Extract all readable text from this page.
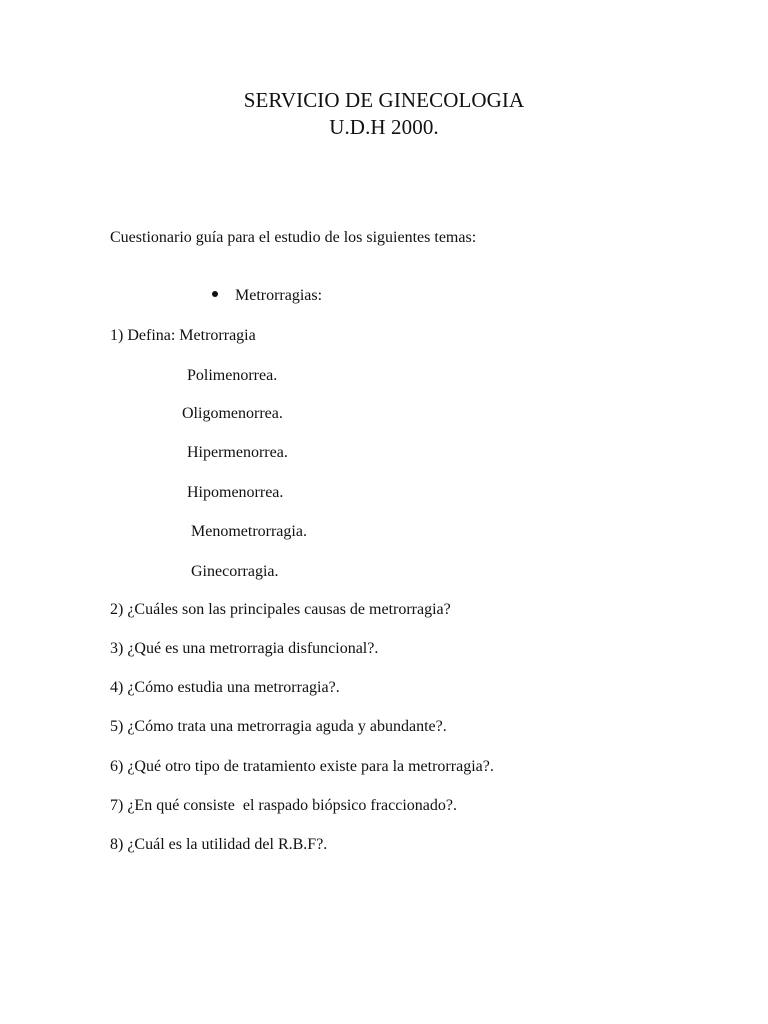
SERVICIO DE GINECOLOGIA
U.D.H 2000.
Cuestionario guía para el estudio de los siguientes temas:

Metrorragias:

1) Defina: Metrorragia
Polimenorrea.
Oligomenorrea.
Hipermenorrea.
Hipomenorrea.
Menometrorragia.
Ginecorragia.
2) ¿Cuáles son las principales causas de metrorragia?
3) ¿Qué es una metrorragia disfuncional?.
4) ¿Cómo estudia una metrorragia?.
5) ¿Cómo trata una metrorragia aguda y abundante?.
6) ¿Qué otro tipo de tratamiento existe para la metrorragia?.
7) ¿En qué consiste  el raspado biópsico fraccionado?.
8) ¿Cuál es la utilidad del R.B.F?.
